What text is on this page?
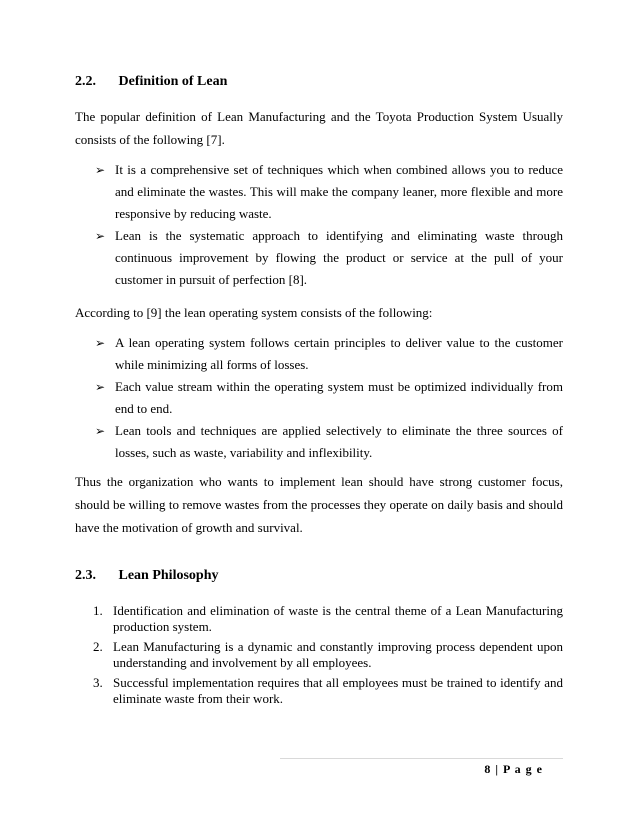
2.2. Definition of Lean

The popular definition of Lean Manufacturing and the Toyota Production System Usually consists of the following [7].

➢ It is a comprehensive set of techniques which when combined allows you to reduce and eliminate the wastes. This will make the company leaner, more flexible and more responsive by reducing waste.
➢ Lean is the systematic approach to identifying and eliminating waste through continuous improvement by flowing the product or service at the pull of your customer in pursuit of perfection [8].

According to [9] the lean operating system consists of the following:

➢ A lean operating system follows certain principles to deliver value to the customer while minimizing all forms of losses.
➢ Each value stream within the operating system must be optimized individually from end to end.
➢ Lean tools and techniques are applied selectively to eliminate the three sources of losses, such as waste, variability and inflexibility.

Thus the organization who wants to implement lean should have strong customer focus, should be willing to remove wastes from the processes they operate on daily basis and should have the motivation of growth and survival.

2.3. Lean Philosophy
1. Identification and elimination of waste is the central theme of a Lean Manufacturing production system.
2. Lean Manufacturing is a dynamic and constantly improving process dependent upon understanding and involvement by all employees.
3. Successful implementation requires that all employees must be trained to identify and eliminate waste from their work.
8 | P a g e
